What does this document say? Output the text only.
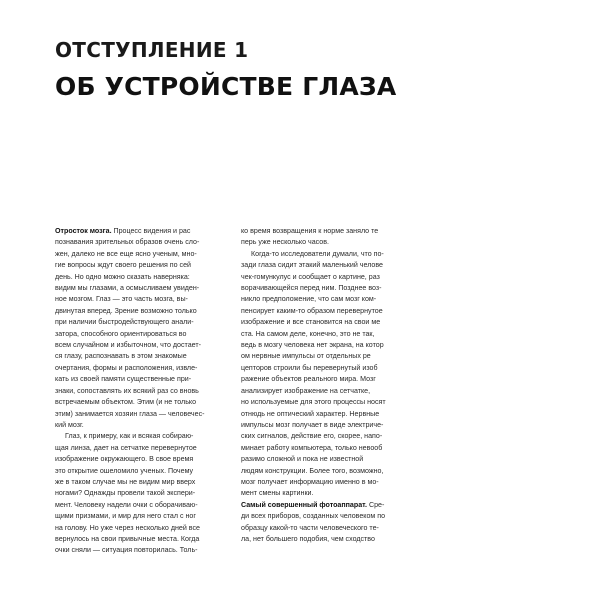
ОТСТУПЛЕНИЕ 1
ОБ УСТРОЙСТВЕ ГЛАЗА

Отросток мозга. Процесс видения и рас

познавания зрительных образов очень сло-

жен, далеко не все еще ясно ученым, мно-

гие вопросы ждут своего решения по сей

день. Но одно можно сказать наверняка:

видим мы глазами, а осмысливаем увиден-

ное мозгом. Глаз — это часть мозга, вы-

двинутая вперед. Зрение возможно только

при наличии быстродействующего анали-

затора, способного ориентироваться во

всем случайном и избыточном, что достает-

ся глазу, распознавать в этом знакомые

очертания, формы и расположения, извле-

кать из своей памяти существенные при-

знаки, сопоставлять их всякий раз со вновь

встречаемым объектом. Этим (и не только

этим) занимается хозяин глаза — человечес-

кий мозг.

Глаз, к примеру, как и всякая собираю-

щая линза, дает на сетчатке перевернутое

изображение окружающего. В свое время

это открытие ошеломило ученых. Почему

же в таком случае мы не видим мир вверх

ногами? Однажды провели такой экспери-

мент. Человеку надели очки с оборачиваю-

щими призмами, и мир для него стал с ног

на голову. Но уже через несколько дней все

вернулось на свои привычные места. Когда

очки сняли — ситуация повторилась. Толь-

ко время возвращения к норме заняло те

перь уже несколько часов.

Когда-то исследователи думали, что по-

зади глаза сидит этакий маленький челове

чек-гомункулус и сообщает о картине, раз

ворачивающейся перед ним. Позднее воз-

никло предположение, что сам мозг ком-

пенсирует каким-то образом перевернутое

изображение и все становится на свои ме

ста. На самом деле, конечно, это не так,

ведь в мозгу человека нет экрана, на котор

ом нервные импульсы от отдельных ре

цепторов строили бы перевернутый изоб

ражение объектов реального мира. Мозг

анализирует изображение на сетчатке,

но используемые для этого процессы носят

отнюдь не оптический характер. Нервные

импульсы мозг получает в виде электриче-

ских сигналов, действие его, скорее, напо-

минает работу компьютера, только невооб

разимо сложной и пока не известной

людям конструкции. Более того, возможно,

мозг получает информацию именно в мо-

мент смены картинки.

Самый совершенный фотоаппарат. Сре-

ди всех приборов, созданных человеком по

образцу какой-то части человеческого те-

ла, нет большего подобия, чем сходство
